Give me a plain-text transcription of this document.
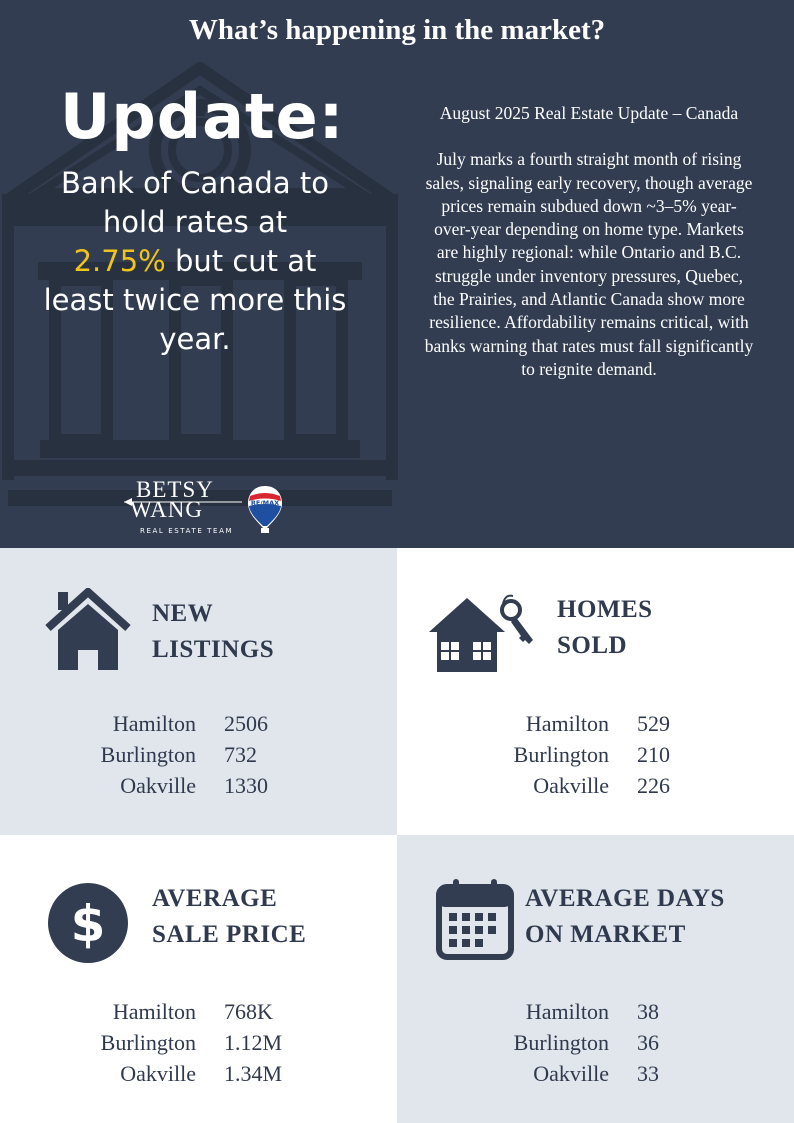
What’s happening in the market?
Update:
Bank of Canada to hold rates at
2.75% but cut at least twice more this year.
August 2025 Real Estate Update – Canada
July marks a fourth straight month of rising sales, signaling early recovery, though average prices remain subdued down ~3–5% year-over-year depending on home type. Markets are highly regional: while Ontario and B.C. struggle under inventory pressures, Quebec, the Prairies, and Atlantic Canada show more resilience. Affordability remains critical, with banks warning that rates must fall significantly to reignite demand.
BETSY
WANG
REAL ESTATE TEAM
RE/MAX
NEW
LISTINGS
Hamilton	2506
Burlington	732
Oakville	1330
HOMES
SOLD
Hamilton	529
Burlington	210
Oakville	226
$ AVERAGE
SALE PRICE
Hamilton	768K
Burlington	1.12M
Oakville	1.34M
AVERAGE DAYS
ON MARKET
Hamilton	38
Burlington	36
Oakville	33
